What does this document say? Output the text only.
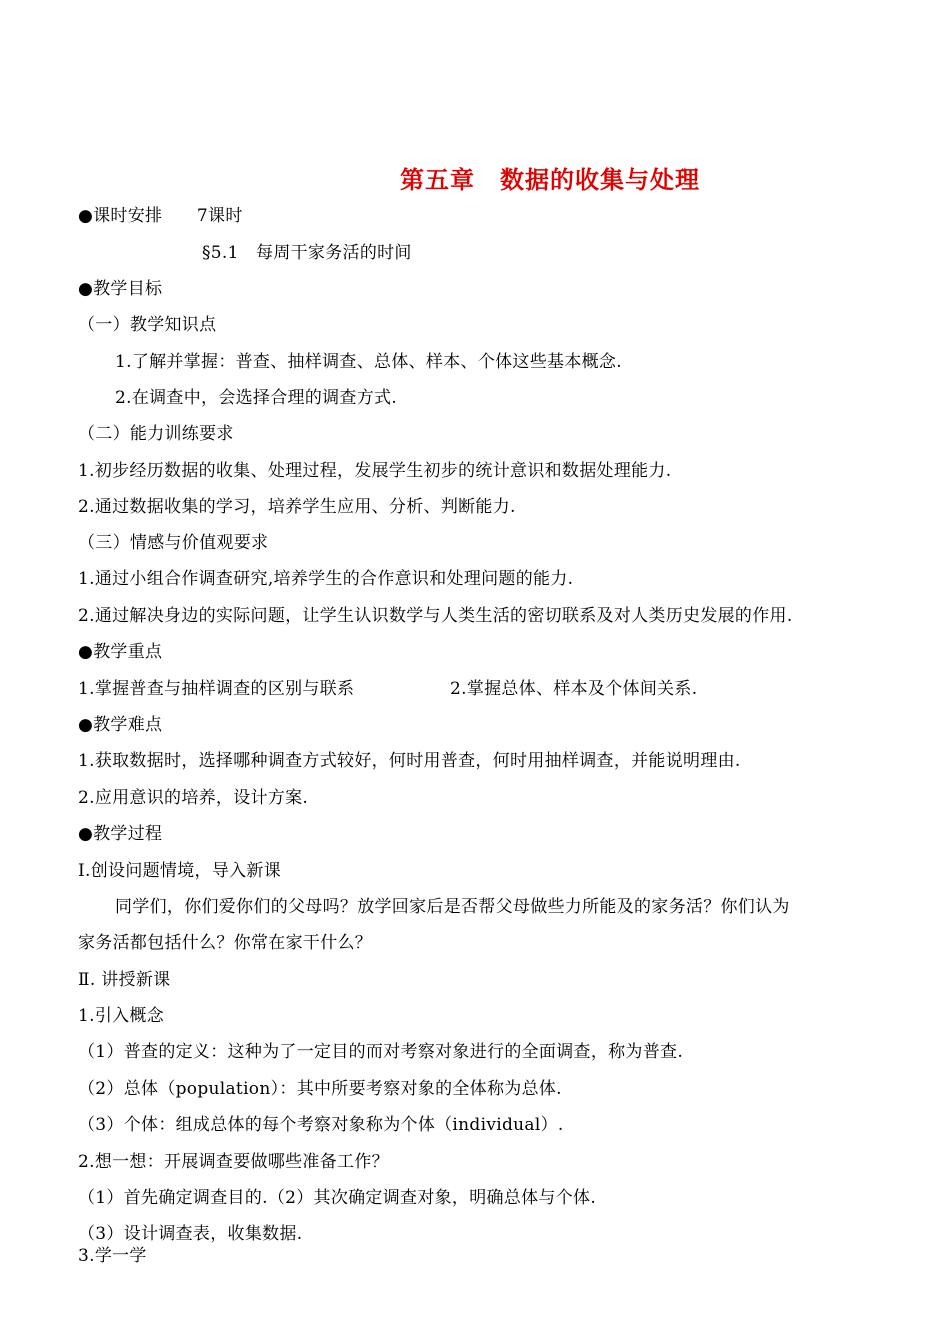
第五章　数据的收集与处理
●课时安排　　7课时
§5.1　每周干家务活的时间
●教学目标
（一）教学知识点
1.了解并掌握：普查、抽样调查、总体、样本、个体这些基本概念.
2.在调查中，会选择合理的调查方式.
（二）能力训练要求
1.初步经历数据的收集、处理过程，发展学生初步的统计意识和数据处理能力.
2.通过数据收集的学习，培养学生应用、分析、判断能力.
（三）情感与价值观要求
1.通过小组合作调查研究,培养学生的合作意识和处理问题的能力.
2.通过解决身边的实际问题，让学生认识数学与人类生活的密切联系及对人类历史发展的作用.
●教学重点
1.掌握普查与抽样调查的区别与联系	2.掌握总体、样本及个体间关系.
●教学难点
1.获取数据时，选择哪种调查方式较好，何时用普查，何时用抽样调查，并能说明理由.
2.应用意识的培养，设计方案.
●教学过程
Ⅰ.创设问题情境，导入新课
同学们，你们爱你们的父母吗？放学回家后是否帮父母做些力所能及的家务活？你们认为
家务活都包括什么？你常在家干什么？
Ⅱ. 讲授新课
1.引入概念
（1）普查的定义：这种为了一定目的而对考察对象进行的全面调查，称为普查.
（2）总体（population）：其中所要考察对象的全体称为总体.
（3）个体：组成总体的每个考察对象称为个体（individual）.
2.想一想：开展调查要做哪些准备工作？
（1）首先确定调查目的.（2）其次确定调查对象，明确总体与个体.
（3）设计调查表，收集数据.
3.学一学
